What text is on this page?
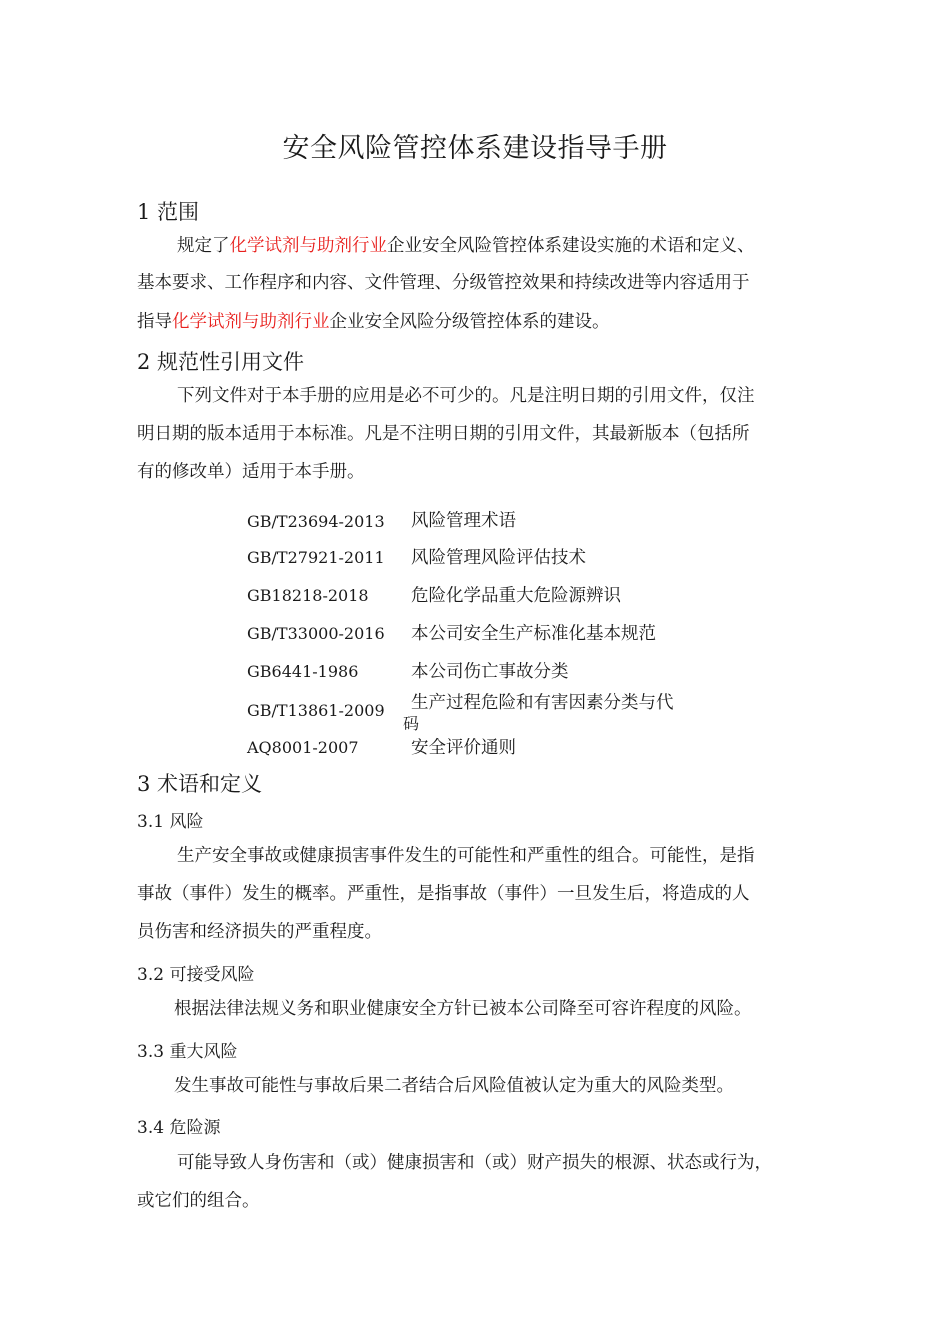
安全风险管控体系建设指导手册
1 范围
规定了化学试剂与助剂行业企业安全风险管控体系建设实施的术语和定义、
基本要求、工作程序和内容、文件管理、分级管控效果和持续改进等内容适用于
指导化学试剂与助剂行业企业安全风险分级管控体系的建设。
2 规范性引用文件
下列文件对于本手册的应用是必不可少的。凡是注明日期的引用文件，仅注
明日期的版本适用于本标准。凡是不注明日期的引用文件，其最新版本（包括所
有的修改单）适用于本手册。
GB/T23694-2013 风险管理术语
GB/T27921-2011 风险管理风险评估技术
GB18218-2018 危险化学品重大危险源辨识
GB/T33000-2016 本公司安全生产标准化基本规范
GB6441-1986	本公司伤亡事故分类
GB/T13861-2009 生产过程危险和有害因素分类与代
码
AQ8001-2007	安全评价通则
3 术语和定义
3.1 风险
生产安全事故或健康损害事件发生的可能性和严重性的组合。可能性，是指
事故（事件）发生的概率。严重性，是指事故（事件）一旦发生后，将造成的人
员伤害和经济损失的严重程度。
3.2 可接受风险
根据法律法规义务和职业健康安全方针已被本公司降至可容许程度的风险。
3.3 重大风险
发生事故可能性与事故后果二者结合后风险值被认定为重大的风险类型。
3.4 危险源
可能导致人身伤害和（或）健康损害和（或）财产损失的根源、状态或行为，
或它们的组合。
